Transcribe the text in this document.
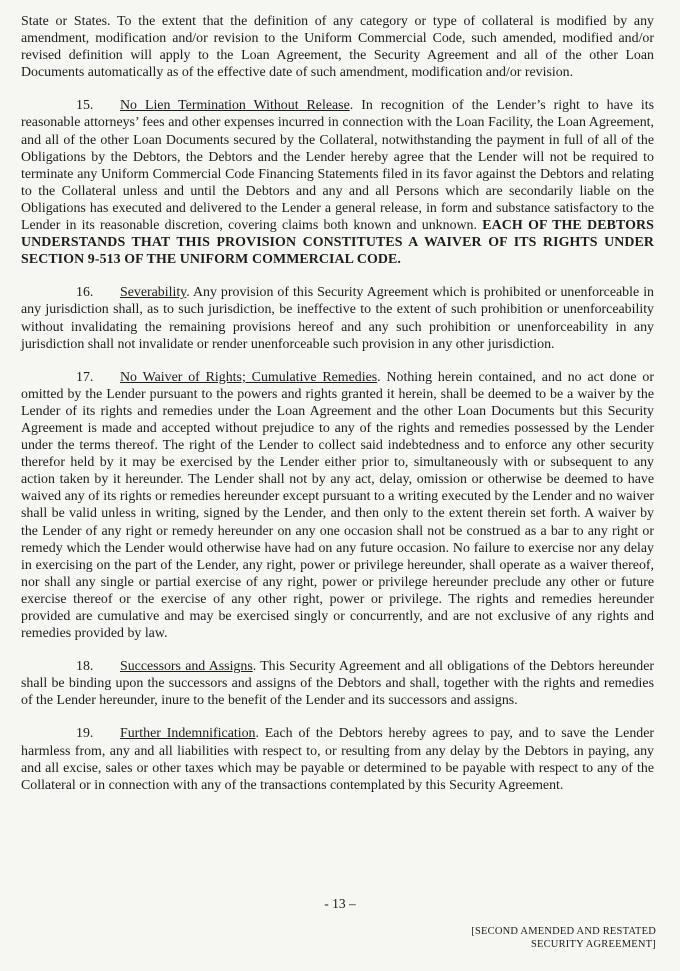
State or States. To the extent that the definition of any category or type of collateral is modified by any amendment, modification and/or revision to the Uniform Commercial Code, such amended, modified and/or revised definition will apply to the Loan Agreement, the Security Agreement and all of the other Loan Documents automatically as of the effective date of such amendment, modification and/or revision.

15. No Lien Termination Without Release. In recognition of the Lender’s right to have its reasonable attorneys’ fees and other expenses incurred in connection with the Loan Facility, the Loan Agreement, and all of the other Loan Documents secured by the Collateral, notwithstanding the payment in full of all of the Obligations by the Debtors, the Debtors and the Lender hereby agree that the Lender will not be required to terminate any Uniform Commercial Code Financing Statements filed in its favor against the Debtors and relating to the Collateral unless and until the Debtors and any and all Persons which are secondarily liable on the Obligations has executed and delivered to the Lender a general release, in form and substance satisfactory to the Lender in its reasonable discretion, covering claims both known and unknown. EACH OF THE DEBTORS UNDERSTANDS THAT THIS PROVISION CONSTITUTES A WAIVER OF ITS RIGHTS UNDER SECTION 9-513 OF THE UNIFORM COMMERCIAL CODE.

16. Severability. Any provision of this Security Agreement which is prohibited or unenforceable in any jurisdiction shall, as to such jurisdiction, be ineffective to the extent of such prohibition or unenforceability without invalidating the remaining provisions hereof and any such prohibition or unenforceability in any jurisdiction shall not invalidate or render unenforceable such provision in any other jurisdiction.

17. No Waiver of Rights; Cumulative Remedies. Nothing herein contained, and no act done or omitted by the Lender pursuant to the powers and rights granted it herein, shall be deemed to be a waiver by the Lender of its rights and remedies under the Loan Agreement and the other Loan Documents but this Security Agreement is made and accepted without prejudice to any of the rights and remedies possessed by the Lender under the terms thereof. The right of the Lender to collect said indebtedness and to enforce any other security therefor held by it may be exercised by the Lender either prior to, simultaneously with or subsequent to any action taken by it hereunder. The Lender shall not by any act, delay, omission or otherwise be deemed to have waived any of its rights or remedies hereunder except pursuant to a writing executed by the Lender and no waiver shall be valid unless in writing, signed by the Lender, and then only to the extent therein set forth. A waiver by the Lender of any right or remedy hereunder on any one occasion shall not be construed as a bar to any right or remedy which the Lender would otherwise have had on any future occasion. No failure to exercise nor any delay in exercising on the part of the Lender, any right, power or privilege hereunder, shall operate as a waiver thereof, nor shall any single or partial exercise of any right, power or privilege hereunder preclude any other or future exercise thereof or the exercise of any other right, power or privilege. The rights and remedies hereunder provided are cumulative and may be exercised singly or concurrently, and are not exclusive of any rights and remedies provided by law.

18. Successors and Assigns. This Security Agreement and all obligations of the Debtors hereunder shall be binding upon the successors and assigns of the Debtors and shall, together with the rights and remedies of the Lender hereunder, inure to the benefit of the Lender and its successors and assigns.

19. Further Indemnification. Each of the Debtors hereby agrees to pay, and to save the Lender harmless from, any and all liabilities with respect to, or resulting from any delay by the Debtors in paying, any and all excise, sales or other taxes which may be payable or determined to be payable with respect to any of the Collateral or in connection with any of the transactions contemplated by this Security Agreement.

- 13 –
[SECOND AMENDED AND RESTATED
SECURITY AGREEMENT]
